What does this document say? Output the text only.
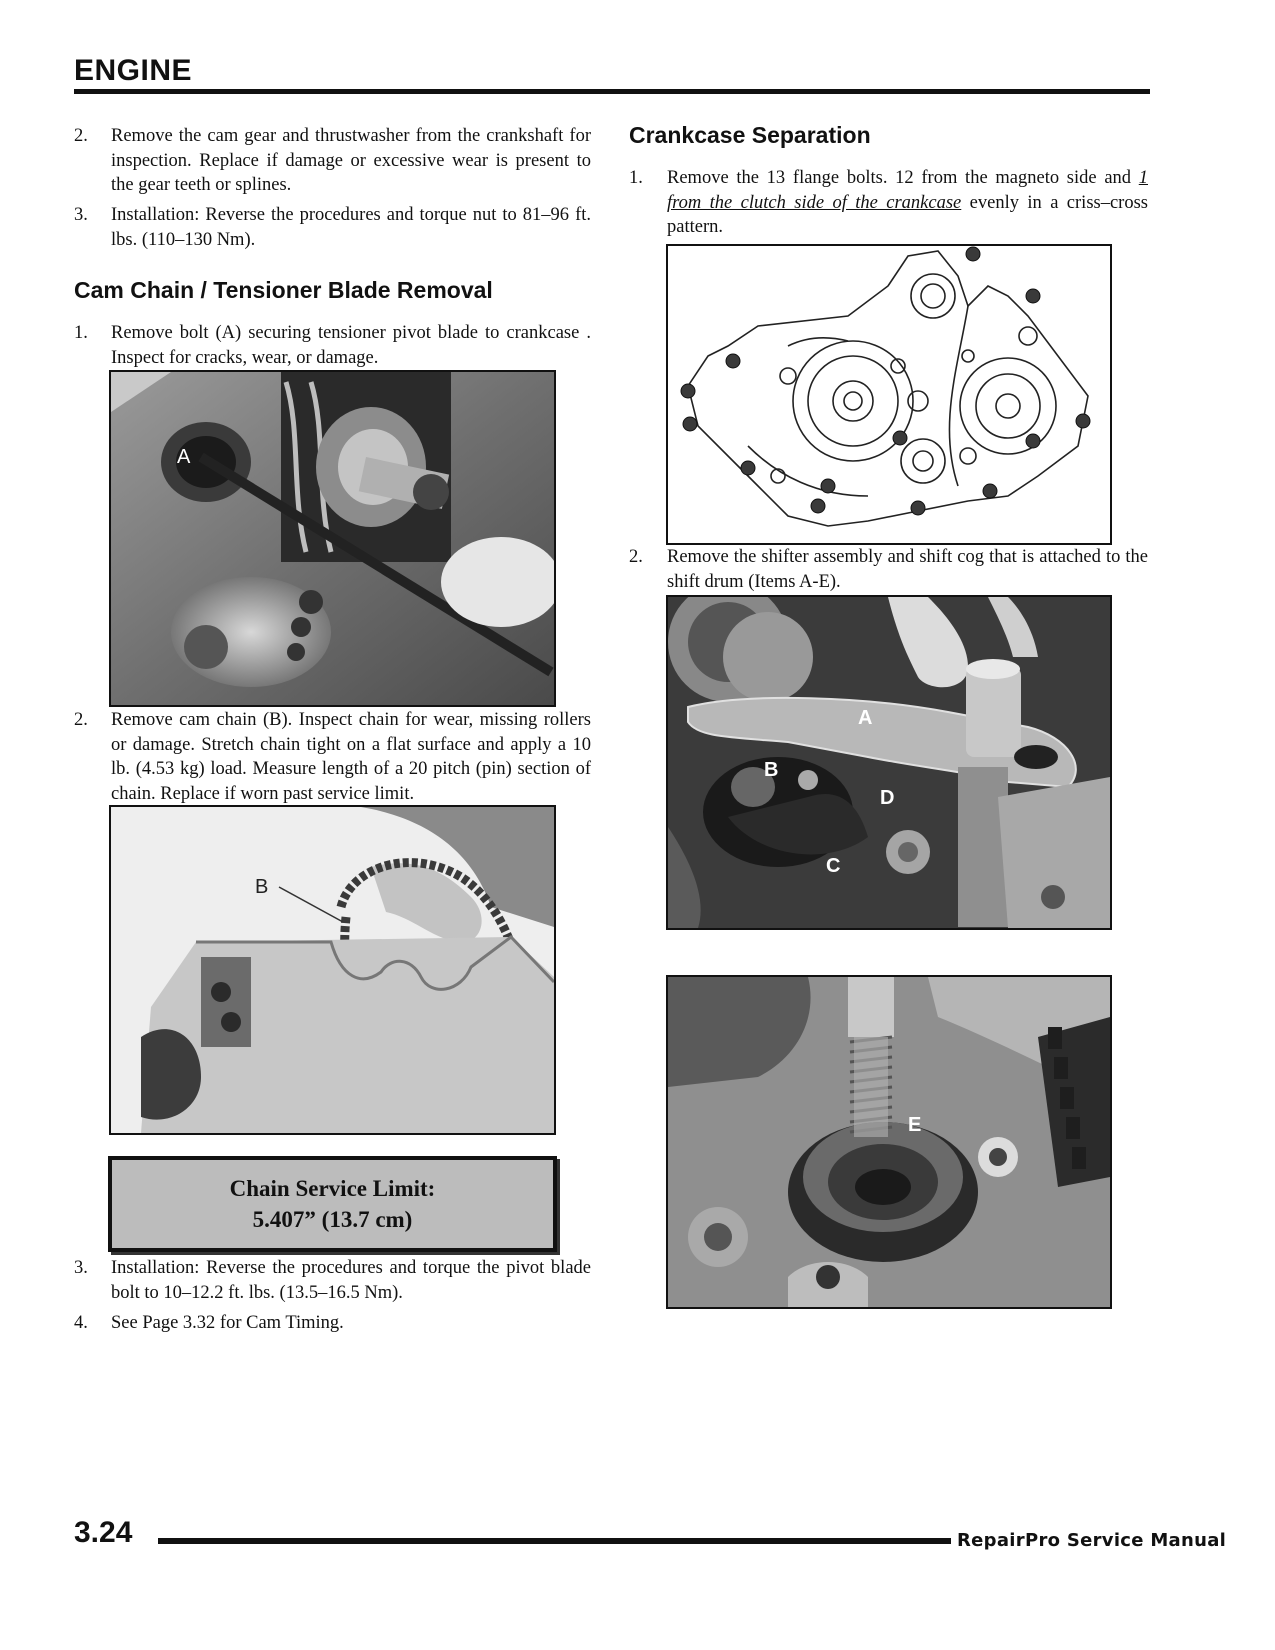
ENGINE
2. Remove the cam gear and thrustwasher from the crankshaft for inspection. Replace if damage or excessive wear is present to the gear teeth or splines.
3. Installation: Reverse the procedures and torque nut to 81–96 ft. lbs. (110–130 Nm).
Cam Chain / Tensioner Blade Removal
1. Remove bolt (A) securing tensioner pivot blade to crankcase . Inspect for cracks, wear, or damage.
A
2. Remove cam chain (B). Inspect chain for wear, missing rollers or damage. Stretch chain tight on a flat surface and apply a 10 lb. (4.53 kg) load. Measure length of a 20 pitch (pin) section of chain. Replace if worn past service limit.
B
Chain Service Limit:
5.407” (13.7 cm)
3. Installation: Reverse the procedures and torque the pivot blade bolt to 10–12.2 ft. lbs. (13.5–16.5 Nm).
4. See Page 3.32 for Cam Timing.
Crankcase Separation
1. Remove the 13 flange bolts. 12 from the magneto side and 1 from the clutch side of the crankcase evenly in a criss–cross pattern.
2. Remove the shifter assembly and shift cog that is attached to the shift drum (Items A-E).
A
B
D
C
E
3.24	RepairPro Service Manual
